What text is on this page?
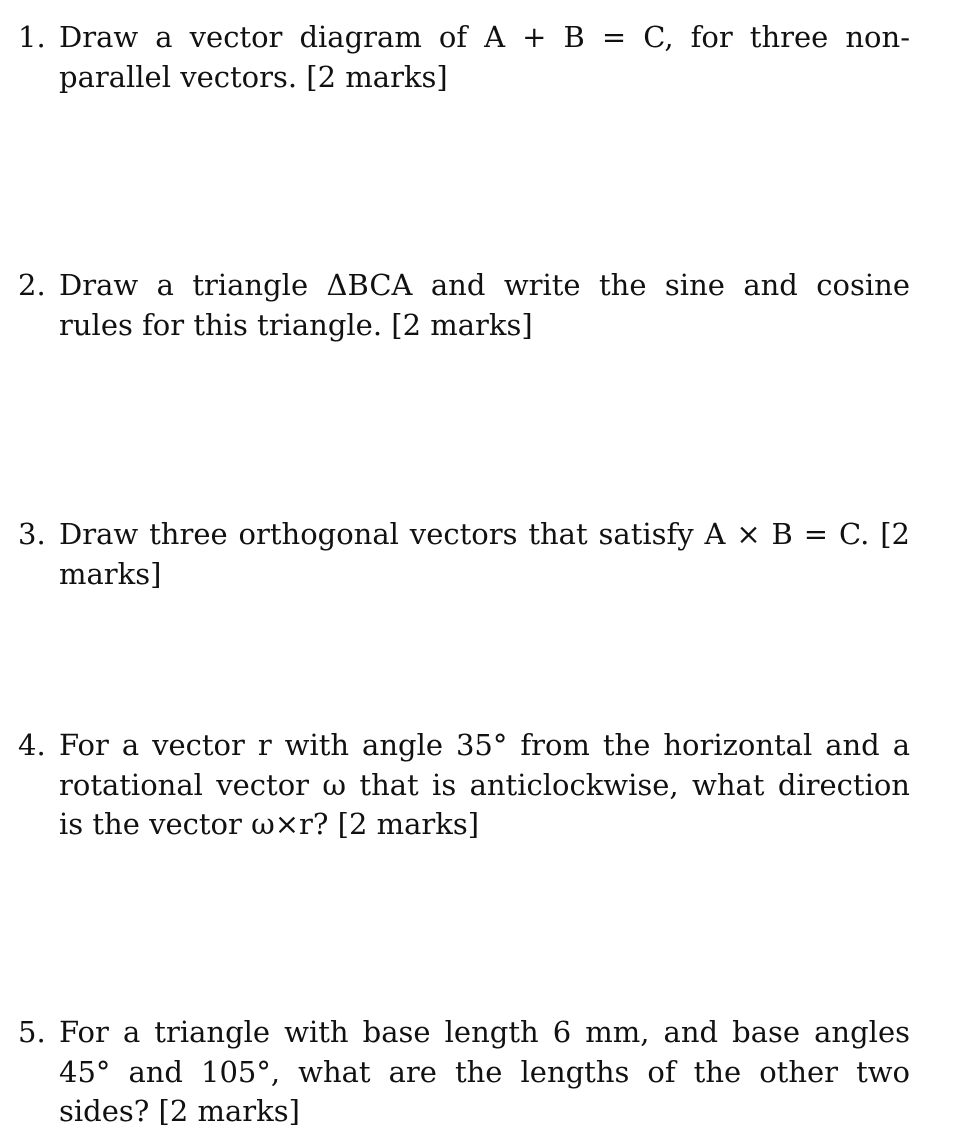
1. Draw a vector diagram of A + B = C, for three non-parallel vectors. [2 marks]
2. Draw a triangle ΔBCA and write the sine and cosine rules for this triangle. [2 marks]
3. Draw three orthogonal vectors that satisfy A × B = C. [2 marks]
4. For a vector r with angle 35° from the horizontal and a rotational vector ω that is anticlockwise, what direction is the vector ω×r? [2 marks]
5. For a triangle with base length 6 mm, and base angles 45° and 105°, what are the lengths of the other two sides? [2 marks]
